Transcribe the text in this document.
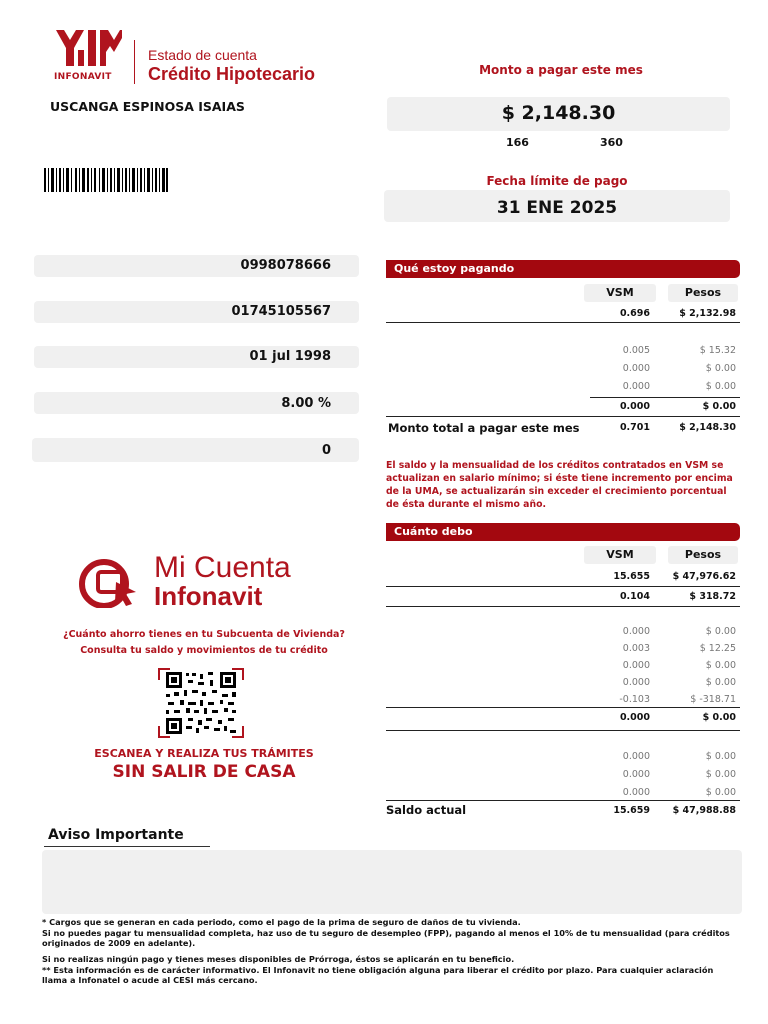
INFONAVIT
Estado de cuenta
Crédito Hipotecario
USCANGA ESPINOSA ISAIAS
Monto a pagar este mes
$ 2,148.30
166	360
Fecha límite de pago
31 ENE 2025
0998078666
01745105567
01 jul 1998
8.00 %
0
Qué estoy pagando
VSM	Pesos
0.696	$ 2,132.98
0.005	$ 15.32
0.000	$ 0.00
0.000	$ 0.00
0.000	$ 0.00
Monto total a pagar este mes	0.701	$ 2,148.30
El saldo y la mensualidad de los créditos contratados en VSM se actualizan en salario mínimo; si éste tiene incremento por encima de la UMA, se actualizarán sin exceder el crecimiento porcentual de ésta durante el mismo año.
Cuánto debo
VSM	Pesos
15.655	$ 47,976.62
0.104	$ 318.72
0.000	$ 0.00
0.003	$ 12.25
0.000	$ 0.00
0.000	$ 0.00
-0.103	$ -318.71
0.000	$ 0.00
0.000	$ 0.00
0.000	$ 0.00
0.000	$ 0.00
Saldo actual	15.659	$ 47,988.88
Mi Cuenta
Infonavit
¿Cuánto ahorro tienes en tu Subcuenta de Vivienda?
Consulta tu saldo y movimientos de tu crédito
ESCANEA Y REALIZA TUS TRÁMITES
SIN SALIR DE CASA
Aviso Importante
* Cargos que se generan en cada periodo, como el pago de la prima de seguro de daños de tu vivienda.
Si no puedes pagar tu mensualidad completa, haz uso de tu seguro de desempleo (FPP), pagando al menos el 10% de tu mensualidad (para créditos originados de 2009 en adelante).
Si no realizas ningún pago y tienes meses disponibles de Prórroga, éstos se aplicarán en tu beneficio.
** Esta información es de carácter informativo. El Infonavit no tiene obligación alguna para liberar el crédito por plazo. Para cualquier aclaración llama a Infonatel o acude al CESI más cercano.
